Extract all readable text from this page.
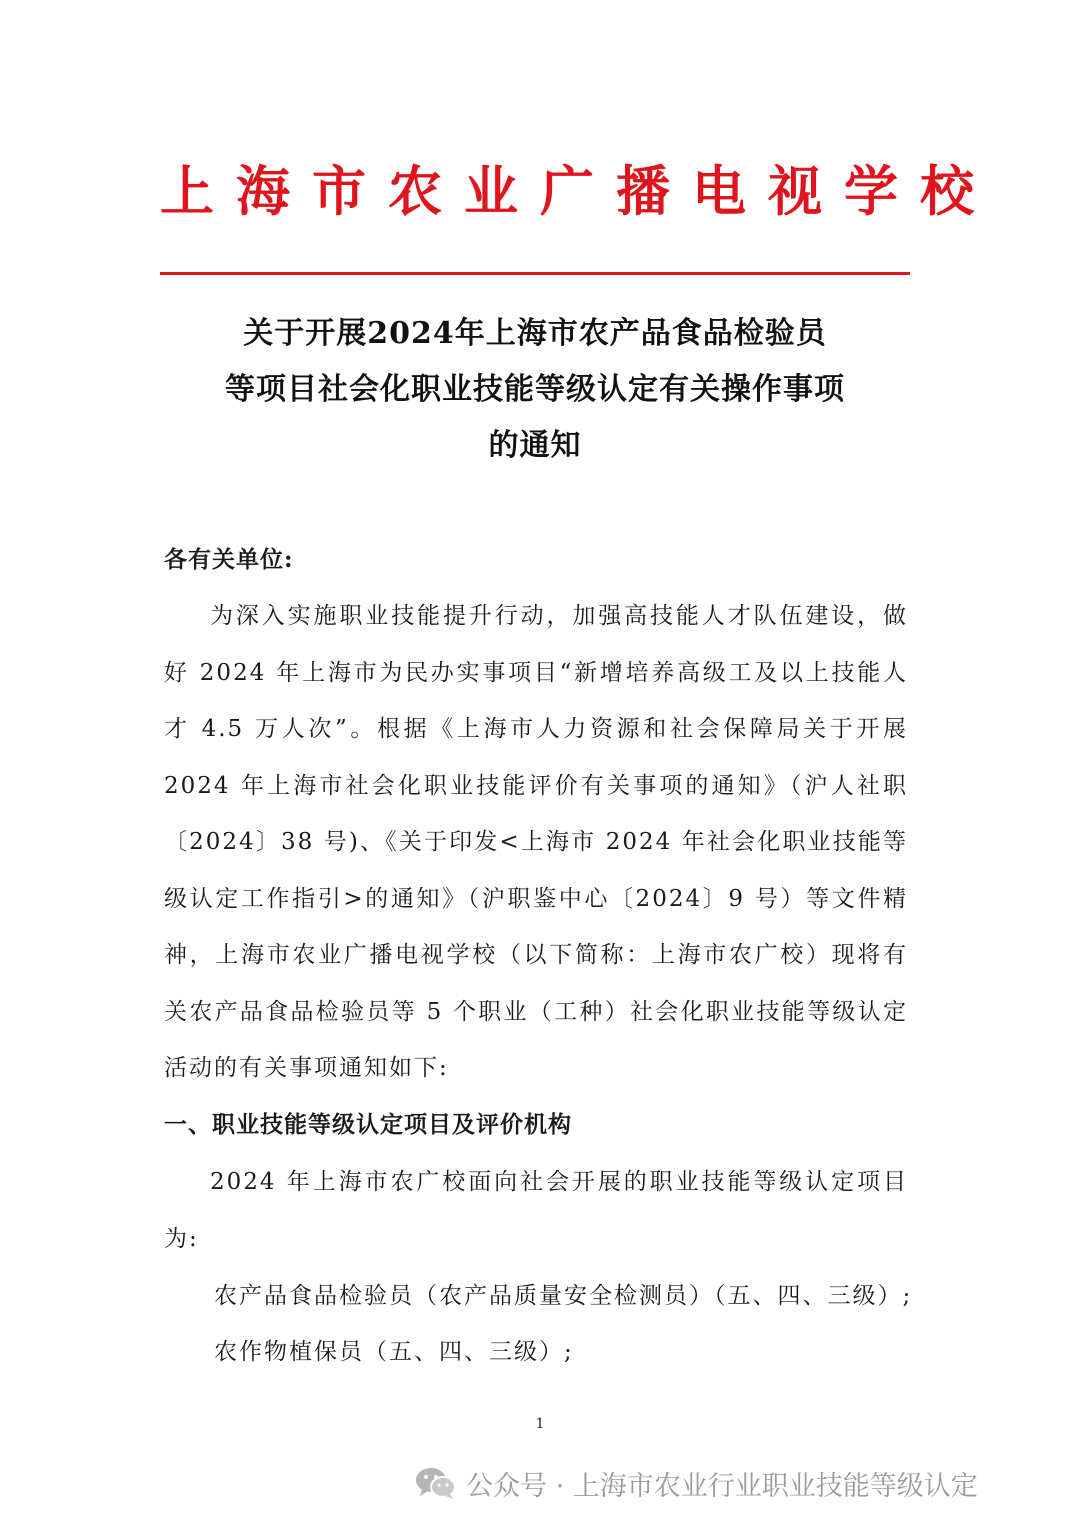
上海市农业广播电视学校
关于开展2024年上海市农产品食品检验员
等项目社会化职业技能等级认定有关操作事项
的通知
各有关单位:
为深入实施职业技能提升行动，加强高技能人才队伍建设，做好 2024 年上海市为民办实事项目“新增培养高级工及以上技能人才 4.5 万人次”。根据《上海市人力资源和社会保障局关于开展 2024 年上海市社会化职业技能评价有关事项的通知》（沪人社职〔2024〕38 号)、《关于印发<上海市 2024 年社会化职业技能等级认定工作指引>的通知》（沪职鉴中心〔2024〕9 号）等文件精神，上海市农业广播电视学校（以下简称：上海市农广校）现将有关农产品食品检验员等 5 个职业（工种）社会化职业技能等级认定活动的有关事项通知如下:
一、职业技能等级认定项目及评价机构
2024 年上海市农广校面向社会开展的职业技能等级认定项目为:
农产品食品检验员（农产品质量安全检测员）（五、四、三级）;
农作物植保员（五、四、三级）;
1
公众号 · 上海市农业行业职业技能等级认定
